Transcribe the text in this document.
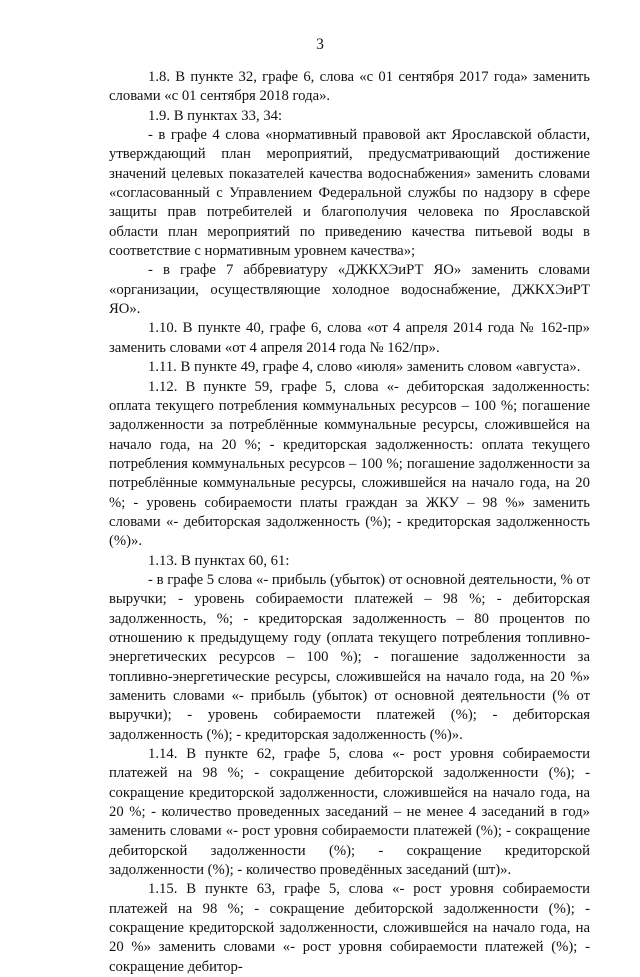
3

1.8. В пункте 32, графе 6, слова «с 01 сентября 2017 года» заменить словами «с 01 сентября 2018 года».

1.9. В пунктах 33, 34:

- в графе 4 слова «нормативный правовой акт Ярославской области, утверждающий план мероприятий, предусматривающий достижение значений целевых показателей качества водоснабжения» заменить словами «согласованный с Управлением Федеральной службы по надзору в сфере защиты прав потребителей и благополучия человека по Ярославской области план мероприятий по приведению качества питьевой воды в соответствие с нормативным уровнем качества»;

- в графе 7 аббревиатуру «ДЖКХЭиРТ ЯО» заменить словами «организации, осуществляющие холодное водоснабжение, ДЖКХЭиРТ ЯО».

1.10. В пункте 40, графе 6, слова «от 4 апреля 2014 года № 162-пр» заменить словами «от 4 апреля 2014 года № 162/пр».

1.11. В пункте 49, графе 4, слово «июля» заменить словом «августа».

1.12. В пункте 59, графе 5, слова «- дебиторская задолженность: оплата текущего потребления коммунальных ресурсов – 100 %; погашение задолженности за потреблённые коммунальные ресурсы, сложившейся на начало года, на 20 %; - кредиторская задолженность: оплата текущего потребления коммунальных ресурсов – 100 %; погашение задолженности за потреблённые коммунальные ресурсы, сложившейся на начало года, на 20 %; - уровень собираемости платы граждан за ЖКУ – 98 %» заменить словами «- дебиторская задолженность (%); - кредиторская задолженность (%)».

1.13. В пунктах 60, 61:

- в графе 5 слова «- прибыль (убыток) от основной деятельности, % от выручки; - уровень собираемости платежей – 98 %; - дебиторская задолженность, %; - кредиторская задолженность – 80 процентов по отношению к предыдущему году (оплата текущего потребления топливно-энергетических ресурсов – 100 %); - погашение задолженности за топливно-энергетические ресурсы, сложившейся на начало года, на 20 %» заменить словами «- прибыль (убыток) от основной деятельности (% от выручки); - уровень собираемости платежей (%); - дебиторская задолженность (%); - кредиторская задолженность (%)».

1.14. В пункте 62, графе 5, слова «- рост уровня собираемости платежей на 98 %; - сокращение дебиторской задолженности (%); - сокращение кредиторской задолженности, сложившейся на начало года, на 20 %; - количество проведенных заседаний – не менее 4 заседаний в год» заменить словами «- рост уровня собираемости платежей (%); - сокращение дебиторской задолженности (%); - сокращение кредиторской задолженности (%); - количество проведённых заседаний (шт)».

1.15. В пункте 63, графе 5, слова «- рост уровня собираемости платежей на 98 %; - сокращение дебиторской задолженности (%); - сокращение кредиторской задолженности, сложившейся на начало года, на 20 %» заменить словами «- рост уровня собираемости платежей (%); - сокращение дебитор-
